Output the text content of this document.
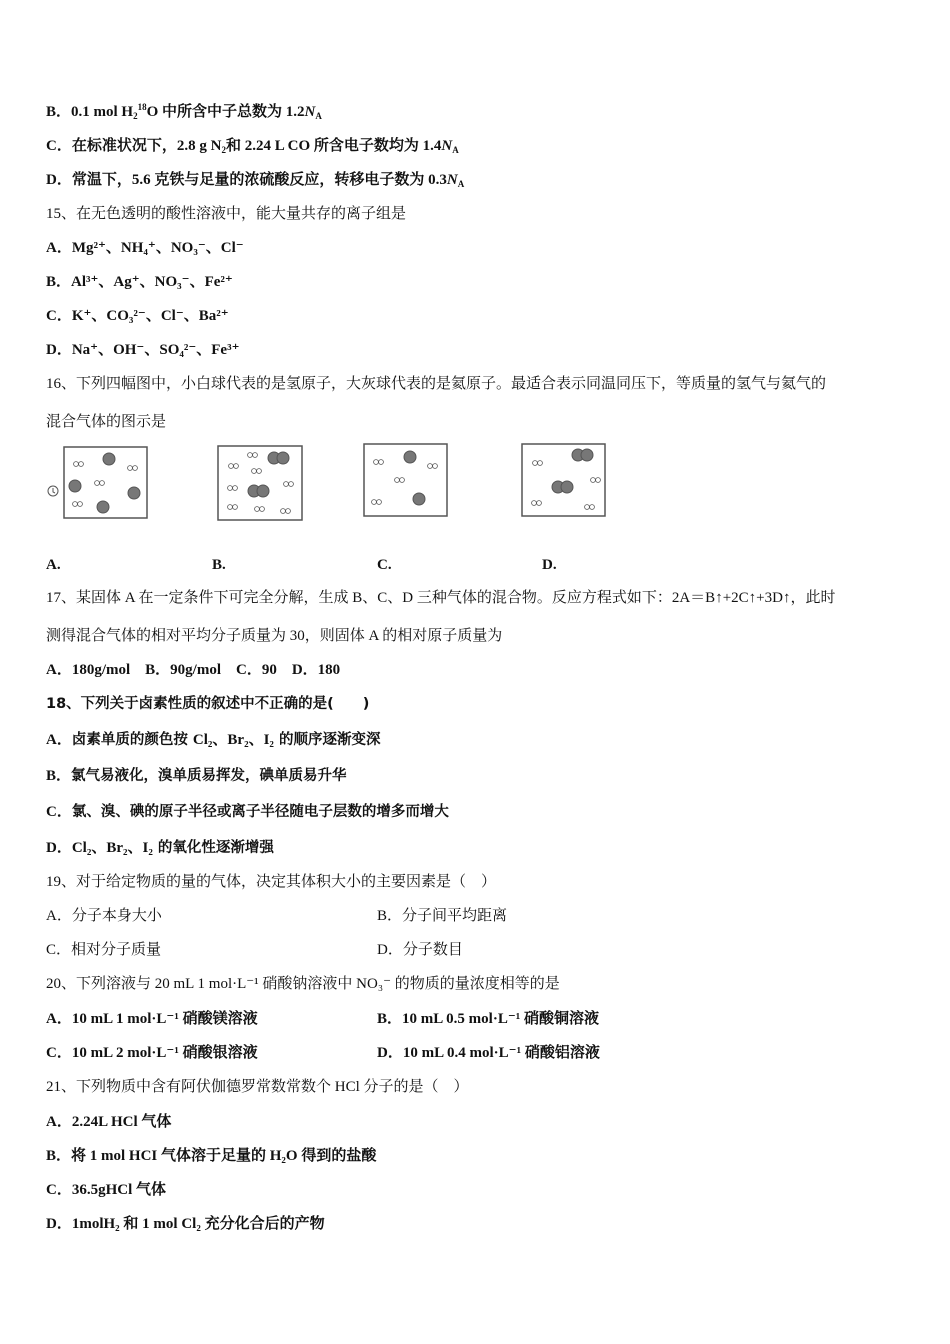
B．0.1 mol $H_2^{18}O$ 中所含中子总数为 $1.2N_A$
C．在标准状况下，2.8 g $N_2$和 2.24 L CO 所含电子数均为 $1.4N_A$
D．常温下，5.6 克铁与足量的浓硫酸反应，转移电子数为 $0.3N_A$
15、在无色透明的酸性溶液中，能大量共存的离子组是
A．Mg²⁺、NH₄⁺、NO₃⁻、Cl⁻
B．Al³⁺、Ag⁺、NO₃⁻、Fe²⁺
C．K⁺、CO₃²⁻、Cl⁻、Ba²⁺
D．Na⁺、OH⁻、SO₄²⁻、Fe³⁺
16、下列四幅图中，小白球代表的是氢原子，大灰球代表的是氦原子。最适合表示同温同压下，等质量的氢气与氦气的
混合气体的图示是
A.	B.	C.	D.
17、某固体 A 在一定条件下可完全分解，生成 B、C、D 三种气体的混合物。反应方程式如下：2A＝B↑+2C↑+3D↑，此时
测得混合气体的相对平均分子质量为 30，则固体 A 的相对原子质量为
A．180g/mol　B．90g/mol　C．90　D．180
18、下列关于卤素性质的叙述中不正确的是(　　)
A．卤素单质的颜色按 Cl₂、Br₂、I₂ 的顺序逐渐变深
B．氯气易液化，溴单质易挥发，碘单质易升华
C．氯、溴、碘的原子半径或离子半径随电子层数的增多而增大
D．Cl₂、Br₂、I₂ 的氧化性逐渐增强
19、对于给定物质的量的气体，决定其体积大小的主要因素是（　）
A．分子本身大小	B．分子间平均距离
C．相对分子质量	D．分子数目
20、下列溶液与 20 mL 1 mol·L⁻¹ 硝酸钠溶液中 NO₃⁻ 的物质的量浓度相等的是
A．10 mL 1 mol·L⁻¹ 硝酸镁溶液	B．10 mL 0.5 mol·L⁻¹ 硝酸铜溶液
C．10 mL 2 mol·L⁻¹ 硝酸银溶液	D．10 mL 0.4 mol·L⁻¹ 硝酸铝溶液
21、下列物质中含有阿伏伽德罗常数常数个 HCl 分子的是（　）
A．2.24L HCl 气体
B．将 1 mol HCI 气体溶于足量的 H₂O 得到的盐酸
C．36.5gHCl 气体
D．1molH₂ 和 1 mol Cl₂ 充分化合后的产物
